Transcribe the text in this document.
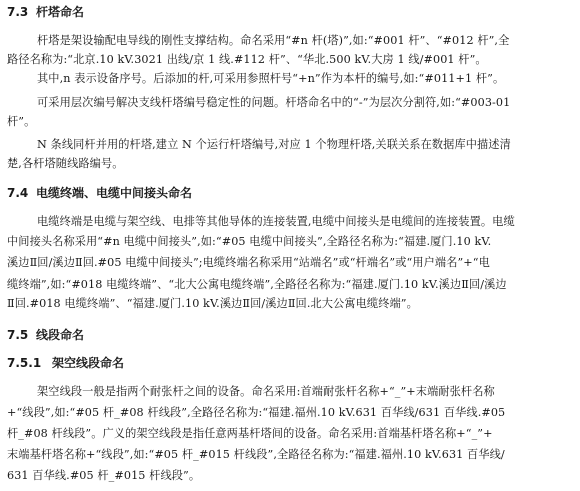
7.3 杆塔命名
杆塔是架设输配电导线的刚性支撑结构。命名采用“#n 杆(塔)”,如:“#001 杆”、“#012 杆”,全
路径名称为:“北京.10 kV.3021 出线/京 1 线.#112 杆”、“华北.500 kV.大房 1 线/#001 杆”。
其中,n 表示设备序号。后添加的杆,可采用参照杆号“+n”作为本杆的编号,如:“#011+1 杆”。
可采用层次编号解决支线杆塔编号稳定性的问题。杆塔命名中的“-”为层次分割符,如:“#003-01
杆”。
N 条线同杆并用的杆塔,建立 N 个运行杆塔编号,对应 1 个物理杆塔,关联关系在数据库中描述清
楚,各杆塔随线路编号。
7.4 电缆终端、电缆中间接头命名
电缆终端是电缆与架空线、电排等其他导体的连接装置,电缆中间接头是电缆间的连接装置。电缆
中间接头名称采用“#n 电缆中间接头”,如:“#05 电缆中间接头”,全路径名称为:“福建.厦门.10 kV.
溪边Ⅱ回/溪边Ⅱ回.#05 电缆中间接头”;电缆终端名称采用“站端名”或“杆端名”或“用户端名”+“电
缆终端”,如:“#018 电缆终端”、“北大公寓电缆终端”,全路径名称为:“福建.厦门.10 kV.溪边Ⅱ回/溪边
Ⅱ回.#018 电缆终端”、“福建.厦门.10 kV.溪边Ⅱ回/溪边Ⅱ回.北大公寓电缆终端”。
7.5 线段命名
7.5.1 架空线段命名
架空线段一般是指两个耐张杆之间的设备。命名采用:首端耐张杆名称+“_”+末端耐张杆名称
+“线段”,如:“#05 杆_#08 杆线段”,全路径名称为:“福建.福州.10 kV.631 百华线/631 百华线.#05
杆_#08 杆线段”。广义的架空线段是指任意两基杆塔间的设备。命名采用:首端基杆塔名称+“_”+
末端基杆塔名称+“线段”,如:“#05 杆_#015 杆线段”,全路径名称为:“福建.福州.10 kV.631 百华线/
631 百华线.#05 杆_#015 杆线段”。
